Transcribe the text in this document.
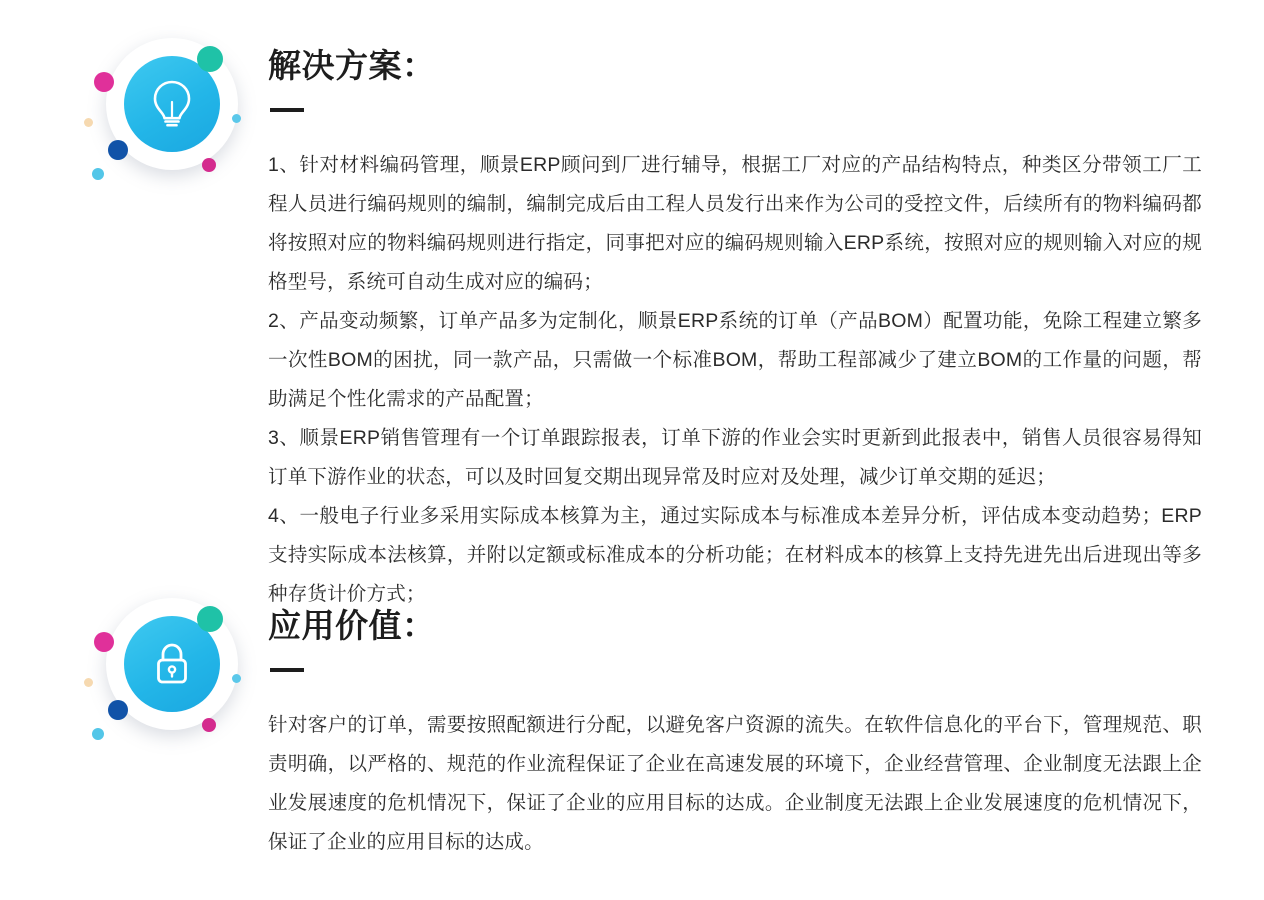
解决方案：

1、针对材料编码管理，顺景ERP顾问到厂进行辅导，根据工厂对应的产品结构特点，种类区分带领工厂工程人员进行编码规则的编制，编制完成后由工程人员发行出来作为公司的受控文件，后续所有的物料编码都将按照对应的物料编码规则进行指定，同事把对应的编码规则输入ERP系统，按照对应的规则输入对应的规格型号，系统可自动生成对应的编码；

2、产品变动频繁，订单产品多为定制化，顺景ERP系统的订单（产品BOM）配置功能，免除工程建立繁多一次性BOM的困扰，同一款产品，只需做一个标准BOM，帮助工程部减少了建立BOM的工作量的问题，帮助满足个性化需求的产品配置；

3、顺景ERP销售管理有一个订单跟踪报表，订单下游的作业会实时更新到此报表中，销售人员很容易得知订单下游作业的状态，可以及时回复交期出现异常及时应对及处理，减少订单交期的延迟；

4、一般电子行业多采用实际成本核算为主，通过实际成本与标准成本差异分析，评估成本变动趋势；ERP支持实际成本法核算，并附以定额或标准成本的分析功能；在材料成本的核算上支持先进先出后进现出等多种存货计价方式；

应用价值：

针对客户的订单，需要按照配额进行分配，以避免客户资源的流失。在软件信息化的平台下，管理规范、职责明确，以严格的、规范的作业流程保证了企业在高速发展的环境下，企业经营管理、企业制度无法跟上企业发展速度的危机情况下，保证了企业的应用目标的达成。企业制度无法跟上企业发展速度的危机情况下，保证了企业的应用目标的达成。
